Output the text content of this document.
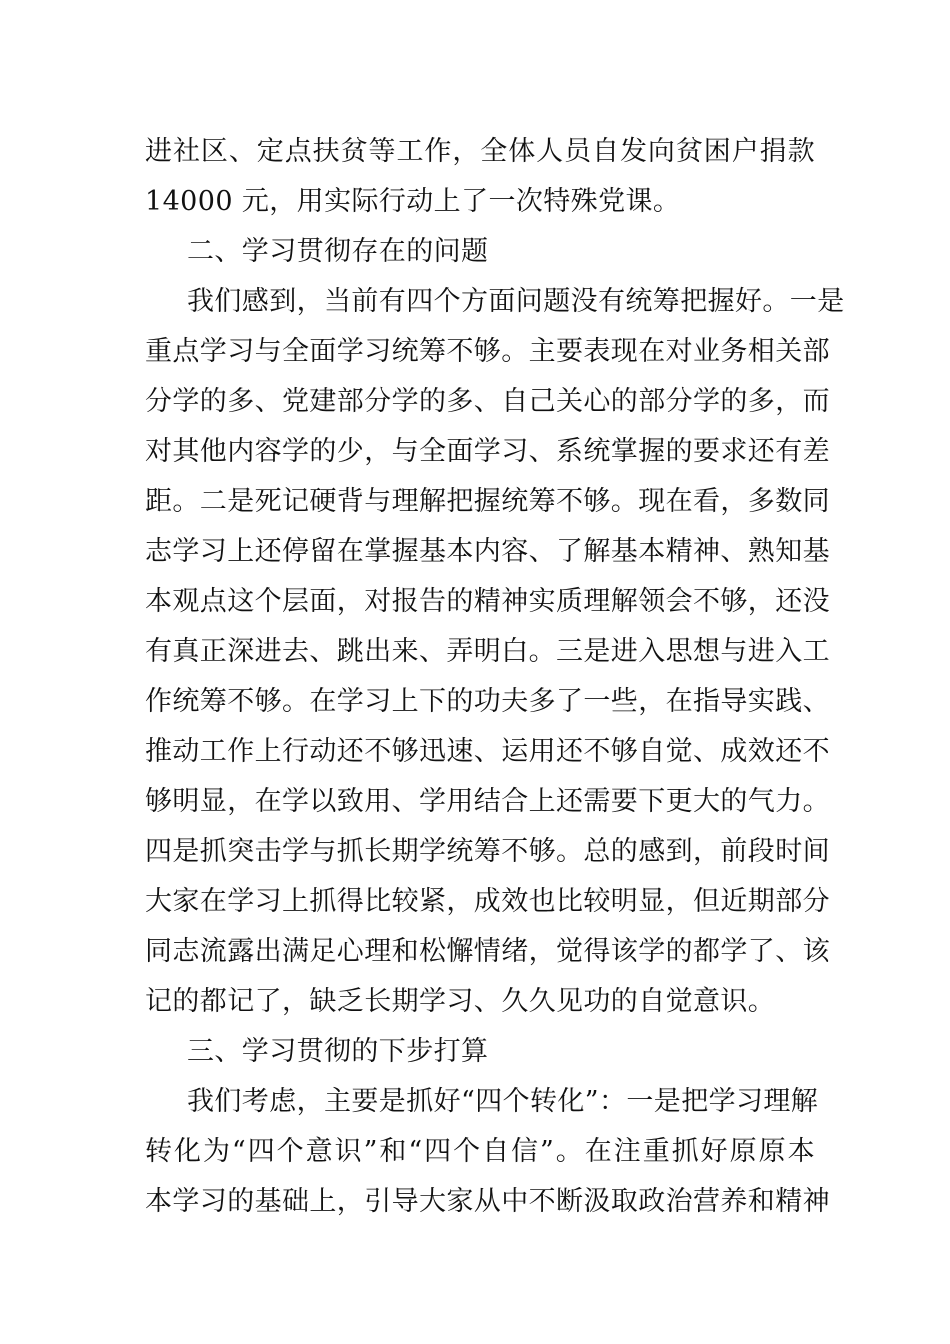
进社区、定点扶贫等工作，全体人员自发向贫困户捐款
14000 元，用实际行动上了一次特殊党课。
二、学习贯彻存在的问题
我们感到，当前有四个方面问题没有统筹把握好。一是
重点学习与全面学习统筹不够。主要表现在对业务相关部
分学的多、党建部分学的多、自己关心的部分学的多，而
对其他内容学的少，与全面学习、系统掌握的要求还有差
距。二是死记硬背与理解把握统筹不够。现在看，多数同
志学习上还停留在掌握基本内容、了解基本精神、熟知基
本观点这个层面，对报告的精神实质理解领会不够，还没
有真正深进去、跳出来、弄明白。三是进入思想与进入工
作统筹不够。在学习上下的功夫多了一些，在指导实践、
推动工作上行动还不够迅速、运用还不够自觉、成效还不
够明显，在学以致用、学用结合上还需要下更大的气力。
四是抓突击学与抓长期学统筹不够。总的感到，前段时间
大家在学习上抓得比较紧，成效也比较明显，但近期部分
同志流露出满足心理和松懈情绪，觉得该学的都学了、该
记的都记了，缺乏长期学习、久久见功的自觉意识。
三、学习贯彻的下步打算
我们考虑，主要是抓好“四个转化”：一是把学习理解
转化为“四个意识”和“四个自信”。在注重抓好原原本
本学习的基础上，引导大家从中不断汲取政治营养和精神
